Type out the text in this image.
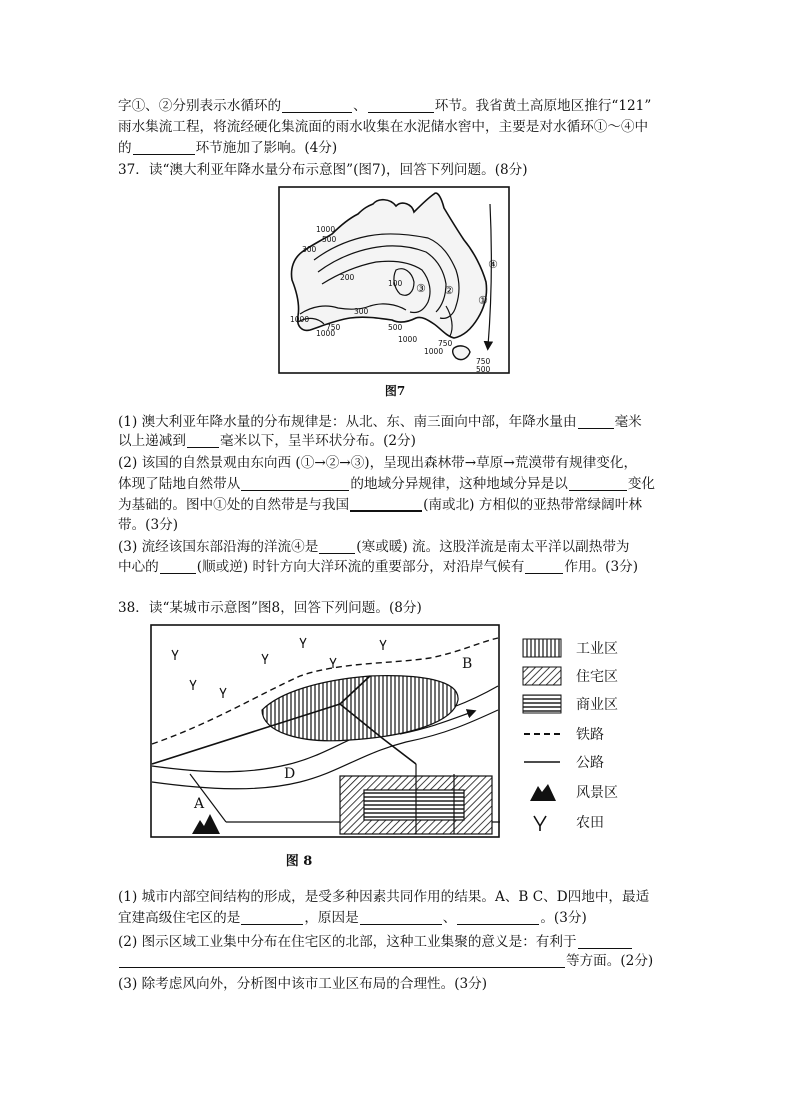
字①、②分别表示水循环的	、	环节。我省黄土高原地区推行“121”
雨水集流工程，将流经硬化集流面的雨水收集在水泥储水窖中，主要是对水循环①～④中
的	环节施加了影响。(4分)
37．读“澳大利亚年降水量分布示意图”(图7)，回答下列问题。(8分)
1000
500
300
200
100
300
1000
750
1000
500
1000
1000
750
750
500
①
②
③
④
图7
(1) 澳大利亚年降水量的分布规律是：从北、东、南三面向中部，年降水量由	毫米
以上递减到	毫米以下，呈半环状分布。(2分)
(2) 该国的自然景观由东向西 (①→②→③)，呈现出森林带→草原→荒漠带有规律变化，
体现了陆地自然带从	的地域分异规律，这种地域分异是以	变化
为基础的。图中①处的自然带是与我国	(南或北) 方相似的亚热带常绿阔叶林
带。(3分)
(3) 流经该国东部沿海的洋流④是	(寒或暖) 流。这股洋流是南太平洋以副热带为
中心的	(顺或逆) 时针方向大洋环流的重要部分，对沿岸气候有	作用。(3分)
38．读“某城市示意图”图8，回答下列问题。(8分)
A
B
D
图 8
工业区
住宅区
商业区
铁路
公路
风景区
农田
(1) 城市内部空间结构的形成，是受多种因素共同作用的结果。A、B C、D四地中，最适
宜建高级住宅区的是	，原因是	、	。(3分)
(2) 图示区域工业集中分布在住宅区的北部，这种工业集聚的意义是：有利于
等方面。(2分)
(3) 除考虑风向外，分析图中该市工业区布局的合理性。(3分)
